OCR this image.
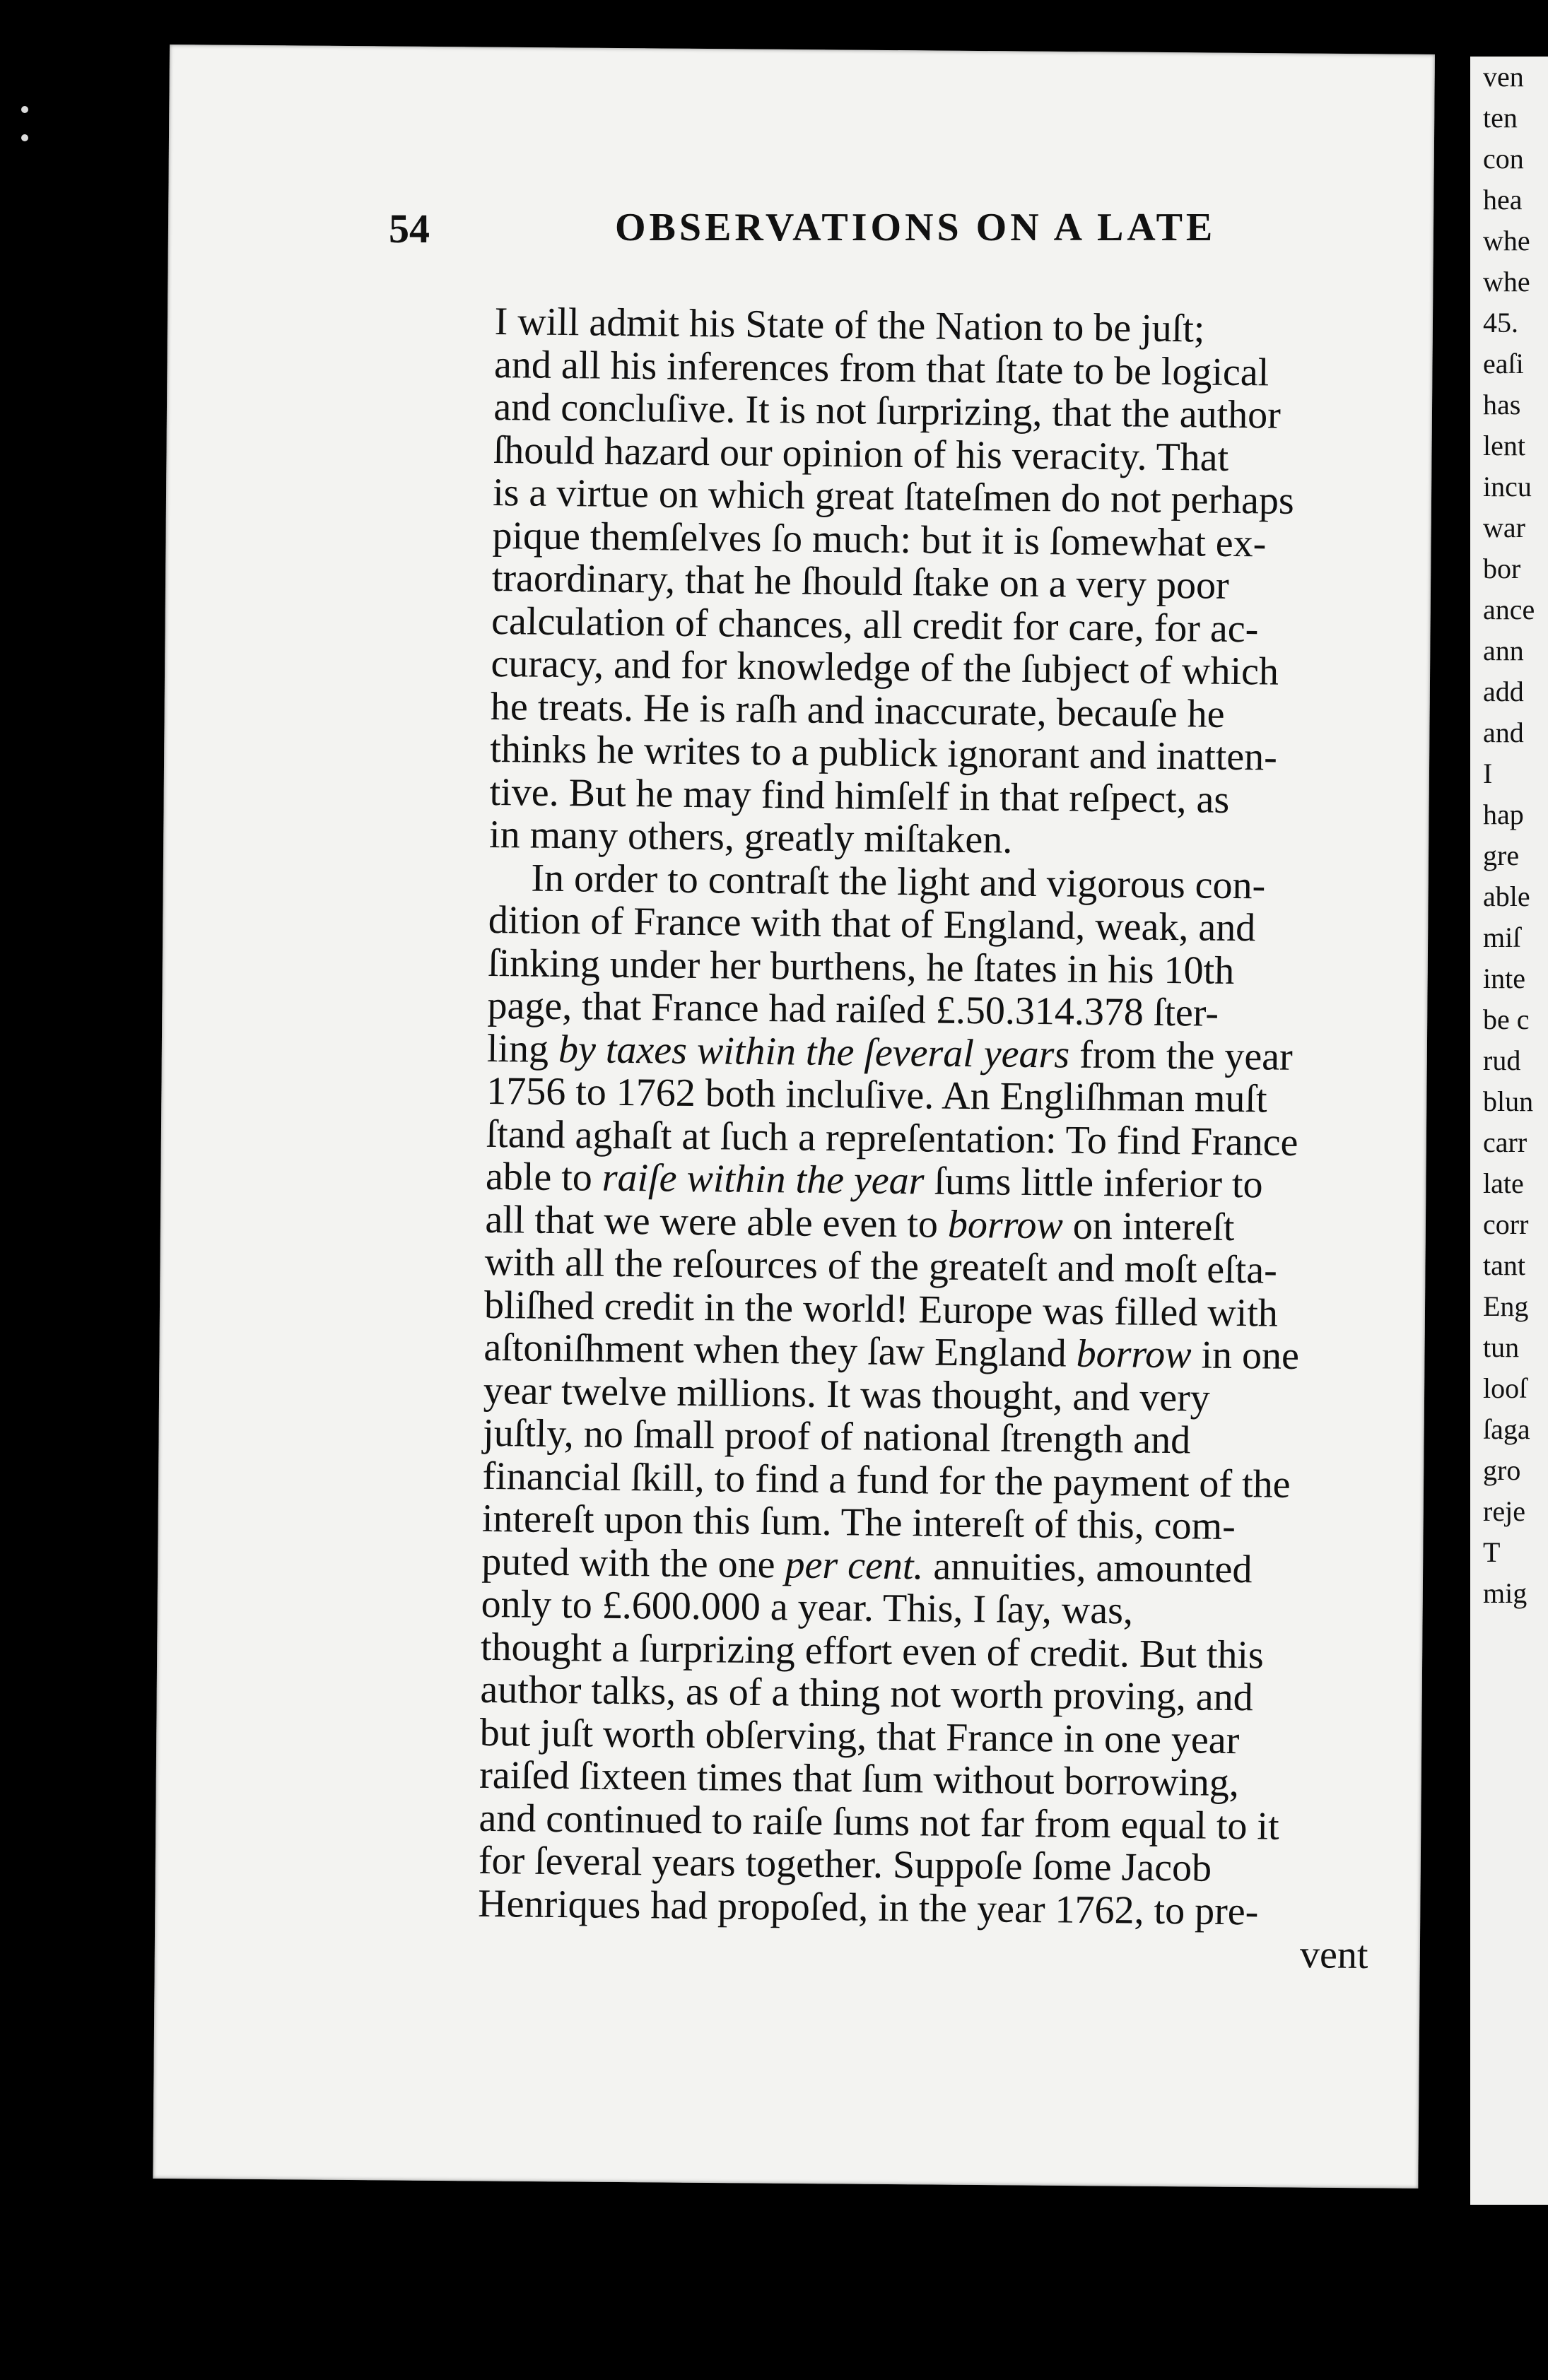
ven
ten
con
hea
whe
whe
45.
eaſi
has
lent
incu
war
bor
ance
ann
add
and
I
hap
gre
able
miſ
inte
be c
rud
blun
carr
late
corr
tant
Eng
tun
looſ
ſaga
gro
reje
T
mig
54	OBSERVATIONS ON A LATE
I will admit his State of the Nation to be juſt;
and all his inferences from that ſtate to be logical
and concluſive. It is not ſurprizing, that the author
ſhould hazard our opinion of his veracity. That
is a virtue on which great ſtateſmen do not perhaps
pique themſelves ſo much: but it is ſomewhat ex-
traordinary, that he ſhould ſtake on a very poor
calculation of chances, all credit for care, for ac-
curacy, and for knowledge of the ſubject of which
he treats. He is raſh and inaccurate, becauſe he
thinks he writes to a publick ignorant and inatten-
tive. But he may find himſelf in that reſpect, as
in many others, greatly miſtaken.
In order to contraſt the light and vigorous con-
dition of France with that of England, weak, and
ſinking under her burthens, he ſtates in his 10th
page, that France had raiſed £.50.314.378 ſter-
ling by taxes within the ſeveral years from the year
1756 to 1762 both incluſive. An Engliſhman muſt
ſtand aghaſt at ſuch a repreſentation: To find France
able to raiſe within the year ſums little inferior to
all that we were able even to borrow on intereſt
with all the reſources of the greateſt and moſt eſta-
bliſhed credit in the world! Europe was filled with
aſtoniſhment when they ſaw England borrow in one
year twelve millions. It was thought, and very
juſtly, no ſmall proof of national ſtrength and
financial ſkill, to find a fund for the payment of the
intereſt upon this ſum. The intereſt of this, com-
puted with the one per cent. annuities, amounted
only to £.600.000 a year. This, I ſay, was,
thought a ſurprizing effort even of credit. But this
author talks, as of a thing not worth proving, and
but juſt worth obſerving, that France in one year
raiſed ſixteen times that ſum without borrowing,
and continued to raiſe ſums not far from equal to it
for ſeveral years together. Suppoſe ſome Jacob
Henriques had propoſed, in the year 1762, to pre-
vent
